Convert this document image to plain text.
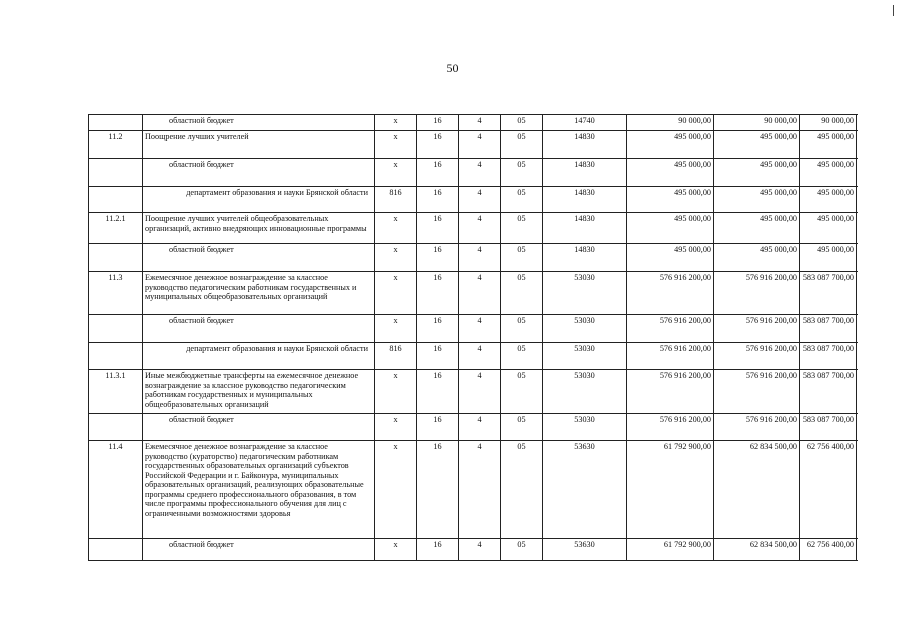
50
	областной бюджет	x	16	4	05	14740	90 000,00	90 000,00	90 000,00
11.2	Поощрение лучших учителей	x	16	4	05	14830	495 000,00	495 000,00	495 000,00
	областной бюджет	x	16	4	05	14830	495 000,00	495 000,00	495 000,00
	департамент образования и науки Брянской области	816	16	4	05	14830	495 000,00	495 000,00	495 000,00
11.2.1	Поощрение лучших учителей общеобразовательных организаций, активно внедряющих инновационные программы	x	16	4	05	14830	495 000,00	495 000,00	495 000,00
	областной бюджет	x	16	4	05	14830	495 000,00	495 000,00	495 000,00
11.3	Ежемесячное денежное вознаграждение за классное руководство педагогическим работникам государственных и муниципальных общеобразовательных организаций	x	16	4	05	53030	576 916 200,00	576 916 200,00	583 087 700,00
	областной бюджет	x	16	4	05	53030	576 916 200,00	576 916 200,00	583 087 700,00
	департамент образования и науки Брянской области	816	16	4	05	53030	576 916 200,00	576 916 200,00	583 087 700,00
11.3.1	Иные межбюджетные трансферты на ежемесячное денежное вознаграждение за классное руководство педагогическим работникам государственных и муниципальных общеобразовательных организаций	x	16	4	05	53030	576 916 200,00	576 916 200,00	583 087 700,00
	областной бюджет	x	16	4	05	53030	576 916 200,00	576 916 200,00	583 087 700,00
11.4	Ежемесячное денежное вознаграждение за классное руководство (кураторство) педагогическим работникам государственных образовательных организаций субъектов Российской Федерации и г. Байконура, муниципальных образовательных организаций, реализующих образовательные программы среднего профессионального образования, в том числе программы профессионального обучения для лиц с ограниченными возможностями здоровья	x	16	4	05	53630	61 792 900,00	62 834 500,00	62 756 400,00
	областной бюджет	x	16	4	05	53630	61 792 900,00	62 834 500,00	62 756 400,00
